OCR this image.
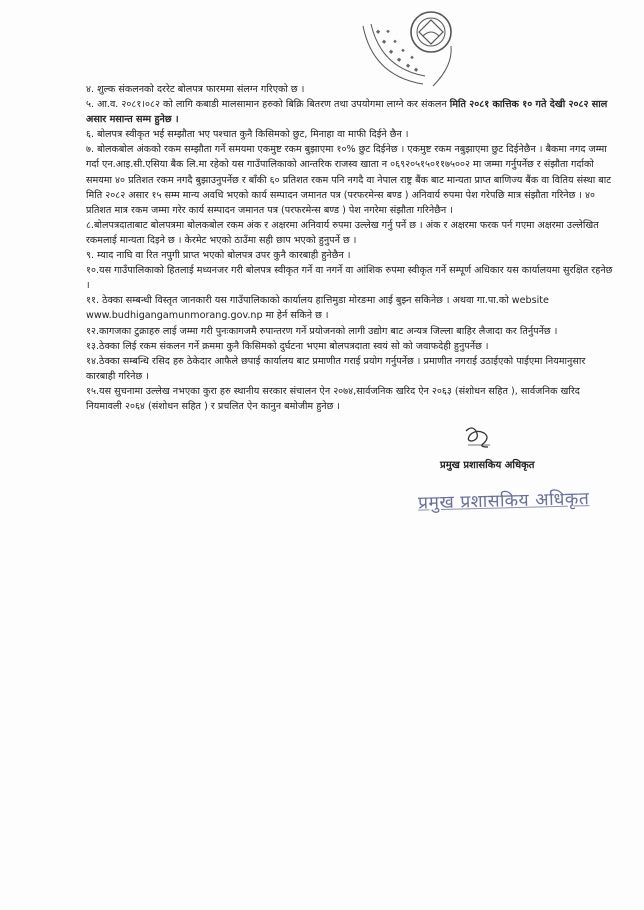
४. शुल्क संकलनको दररेट बोलपत्र फारममा संलग्न गरिएको छ ।

५. आ.व. २०८१।०८२ को लागि कबाडी मालसामान हरुको बिक्रि बितरण तथा उपयोगमा लाग्ने कर संकलन मिति २०८१ कात्तिक १० गते देखी २०८२ साल असार मसान्त सम्म हुनेछ ।

६. बोलपत्र स्वीकृत भई सम्झौता भए पश्चात कुनै किसिमको छुट, मिनाहा वा माफी दिईने छैन ।

७. बोलकबोल अंकको रकम सम्झौता गर्ने समयमा एकमुष्ट रकम बुझाएमा १०% छुट दिईनेछ । एकमुष्ट रकम नबुझाएमा छुट दिईनेछैन । बैकमा नगद जम्मा गर्दा एन.आइ.सी.एसिया बैक लि.मा रहेको यस गाउँपालिकाको आन्तरिक राजस्व खाता न ०६९२०५१५०११७५००२ मा जम्मा गर्नुपर्नेछ र संझौता गर्दाको समयमा ४० प्रतिशत रकम नगदै बुझाउनुपर्नेछ र बाँकी ६० प्रतिशत रकम पनि नगदै वा नेपाल राष्ट्र बैंक बाट मान्यता प्राप्त बाणिज्य बैंक वा वितिय संस्था बाट मिति २०८२ असार १५ सम्म मान्य अवधि भएको कार्य सम्पादन जमानत पत्र (परफरमेन्स बण्ड ) अनिवार्य रुपमा पेश गरेपछि मात्र संझौता गरिनेछ । ४० प्रतिशत मात्र रकम जम्मा गरेर कार्य सम्पादन जमानत पत्र (परफरमेन्स बण्ड ) पेश नगरेमा संझौता गरिनेछैन ।

८.बोलपत्रदाताबाट बोलपत्रमा बोलकबोल रकम अंक र अक्षरमा अनिवार्य रुपमा उल्लेख गर्नु पर्ने छ । अंक र अक्षरमा फरक पर्न गएमा अक्षरमा उल्लेखित रकमलाई मान्यता दिइने छ । केरमेट भएको ठाउँमा सही छाप भएको हुनुपर्ने छ ।

९. म्याद नाघि वा रित नपुगी प्राप्त भएको बोलपत्र उपर कुनै कारबाही हुनेछैन ।

१०.यस गाउँपालिकाको हितलाई मध्यनजर गरी बोलपत्र स्वीकृत गर्ने वा नगर्ने वा आंशिक रुपमा स्वीकृत गर्ने सम्पूर्ण अधिकार यस कार्यालयमा सुरक्षित रहनेछ ।

११. ठेक्का सम्बन्धी विस्तृत जानकारी यस गाउँपालिकाको कार्यालय हात्तिमुडा मोरङमा आई बुझ्न सकिनेछ । अथवा गा.पा.को website www.budhigangamunmorang.gov.np मा हेर्न सकिने छ ।

१२.कागजका टुक्राहरु लाई जम्मा गरी पुनःकागजमै रुपान्तरण गर्ने प्रयोजनको लागी उद्योग बाट अन्यत्र जिल्ला बाहिर लैजादा कर तिर्नुपर्नेछ ।

१३.ठेक्का लिई रकम संकलन गर्ने क्रममा कुनै किसिमको दुर्घटना भएमा बोलपत्रदाता स्वयं सो को जवाफदेही हुनुपर्नेछ ।

१४.ठेक्का सम्बन्धि रसिद हरु ठेकेदार आफैले छपाई कार्यालय बाट प्रमाणीत गराई प्रयोग गर्नुपर्नेछ । प्रमाणीत नगराई उठाईएको पाईएमा नियमानुसार कारबाही गरिनेछ ।

१५.यस सुचनामा उल्लेख नभएका कुरा हरु स्थानीय सरकार संचालन ऐन २०७४,सार्वजनिक खरिद ऐन २०६३ (संशोधन सहित ), सार्वजनिक खरिद नियमावली २०६४ (संशोधन सहित ) र प्रचलित ऐन कानुन बमोजीम हुनेछ ।

प्रमुख प्रशासकिय अधिकृत
प्रमुख प्रशासकिय अधिकृत
